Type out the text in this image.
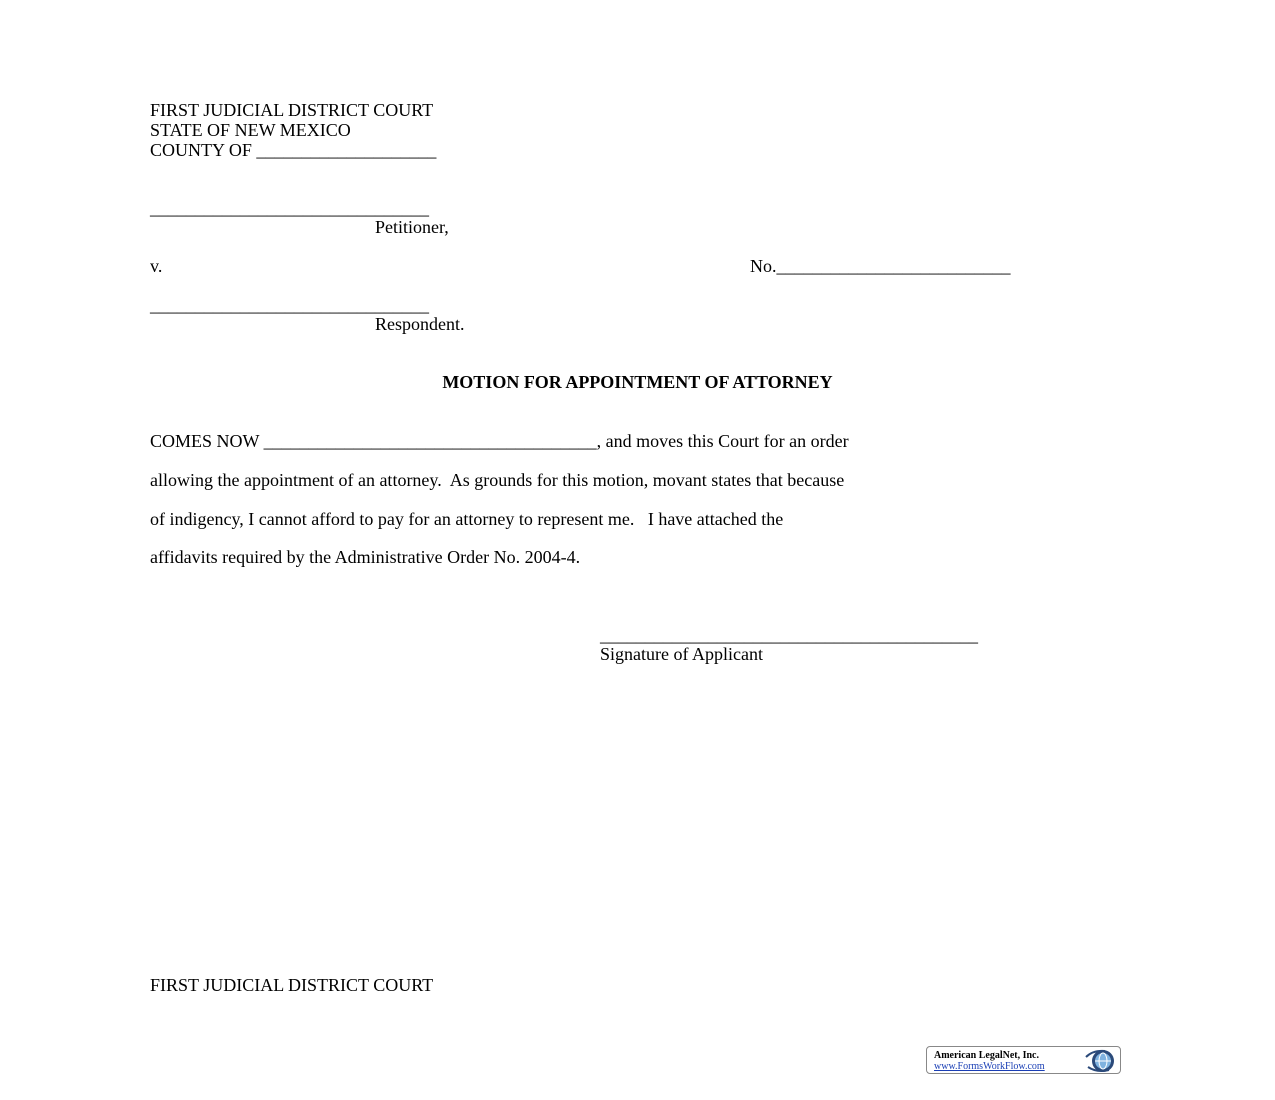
FIRST JUDICIAL DISTRICT COURT
STATE OF NEW MEXICO
COUNTY OF ____________________
_______________________________
Petitioner,
v.	No.__________________________
_______________________________
Respondent.
MOTION FOR APPOINTMENT OF ATTORNEY
COMES NOW _____________________________________, and moves this Court for an order
allowing the appointment of an attorney.  As grounds for this motion, movant states that because
of indigency, I cannot afford to pay for an attorney to represent me.   I have attached the
affidavits required by the Administrative Order No. 2004-4.
__________________________________________
Signature of Applicant
FIRST JUDICIAL DISTRICT COURT
American LegalNet, Inc.
www.FormsWorkFlow.com
